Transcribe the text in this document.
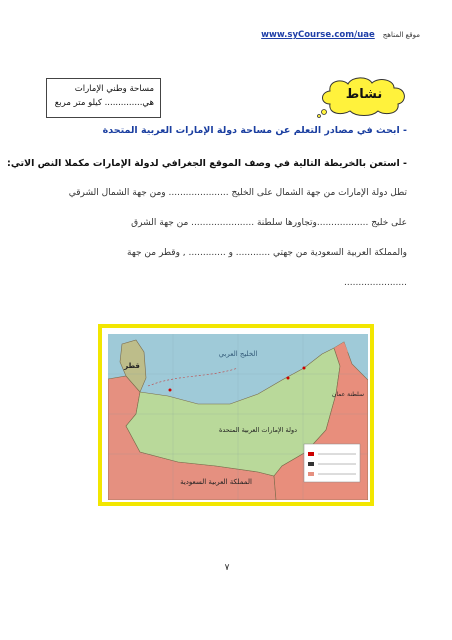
www.syCourse.com/uae موقع المناهج
مساحة وطني الإمارات
هي.............. كيلو متر مربع
نشاط
- ابحث في مصادر التعلم عن مساحة دولة الإمارات العربية المتحدة
- استعن بالخريطة التالية في وصف الموقع الجغرافي لدولة الإمارات مكملا النص الاتي:
تطل دولة الإمارات من جهة الشمال على الخليج ..................... ومن جهة الشمال الشرقي
على خليج ..................وتجاورها سلطنة ...................... من جهة الشرق
والمملكة العربية السعودية من جهتي ............ و ............. , وقطر من جهة
......................
الخليج العربي
قطر
دولة الإمارات العربية المتحدة
المملكة العربية السعودية
سلطنة عمان
٧
